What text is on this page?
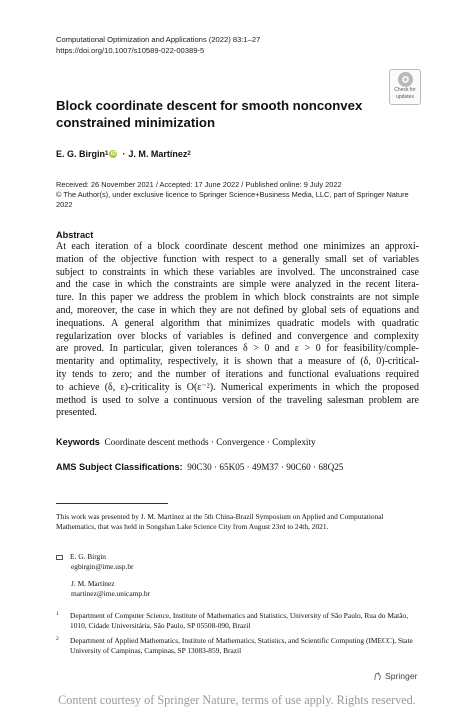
Computational Optimization and Applications (2022) 83:1–27
https://doi.org/10.1007/s10589-022-00389-5
Check for
updates
Block coordinate descent for smooth nonconvex constrained minimization
E. G. Birgin 1 iD · J. M. Martínez 2
Received: 26 November 2021 / Accepted: 17 June 2022 / Published online: 9 July 2022
© The Author(s), under exclusive licence to Springer Science+Business Media, LLC, part of Springer Nature 2022
Abstract
At each iteration of a block coordinate descent method one minimizes an approxi-
mation of the objective function with respect to a generally small set of variables
subject to constraints in which these variables are involved. The unconstrained case
and the case in which the constraints are simple were analyzed in the recent litera-
ture. In this paper we address the problem in which block constraints are not simple
and, moreover, the case in which they are not defined by global sets of equations and
inequations. A general algorithm that minimizes quadratic models with quadratic
regularization over blocks of variables is defined and convergence and complexity
are proved. In particular, given tolerances δ > 0 and ε > 0 for feasibility/comple-
mentarity and optimality, respectively, it is shown that a measure of (δ, 0)-critical-
ity tends to zero; and the number of iterations and functional evaluations required
to achieve (δ, ε)-criticality is O(ε⁻²). Numerical experiments in which the proposed
method is used to solve a continuous version of the traveling salesman problem are
presented.
Keywords Coordinate descent methods · Convergence · Complexity
AMS Subject Classifications: 90C30 · 65K05 · 49M37 · 90C60 · 68Q25
This work was presented by J. M. Martínez at the 5th China-Brazil Symposium on Applied and Computational Mathematics, that was held in Songshan Lake Science City from August 23rd to 24th, 2021.
E. G. Birgin
egbirgin@ime.usp.br
J. M. Martínez
martinez@ime.unicamp.br
1	Department of Computer Science, Institute of Mathematics and Statistics, University of São Paulo, Rua do Matão, 1010, Cidade Universitária, São Paulo, SP 05508-090, Brazil
2	Department of Applied Mathematics, Institute of Mathematics, Statistics, and Scientific Computing (IMECC), State University of Campinas, Campinas, SP 13083-859, Brazil
Springer
Content courtesy of Springer Nature, terms of use apply. Rights reserved.
